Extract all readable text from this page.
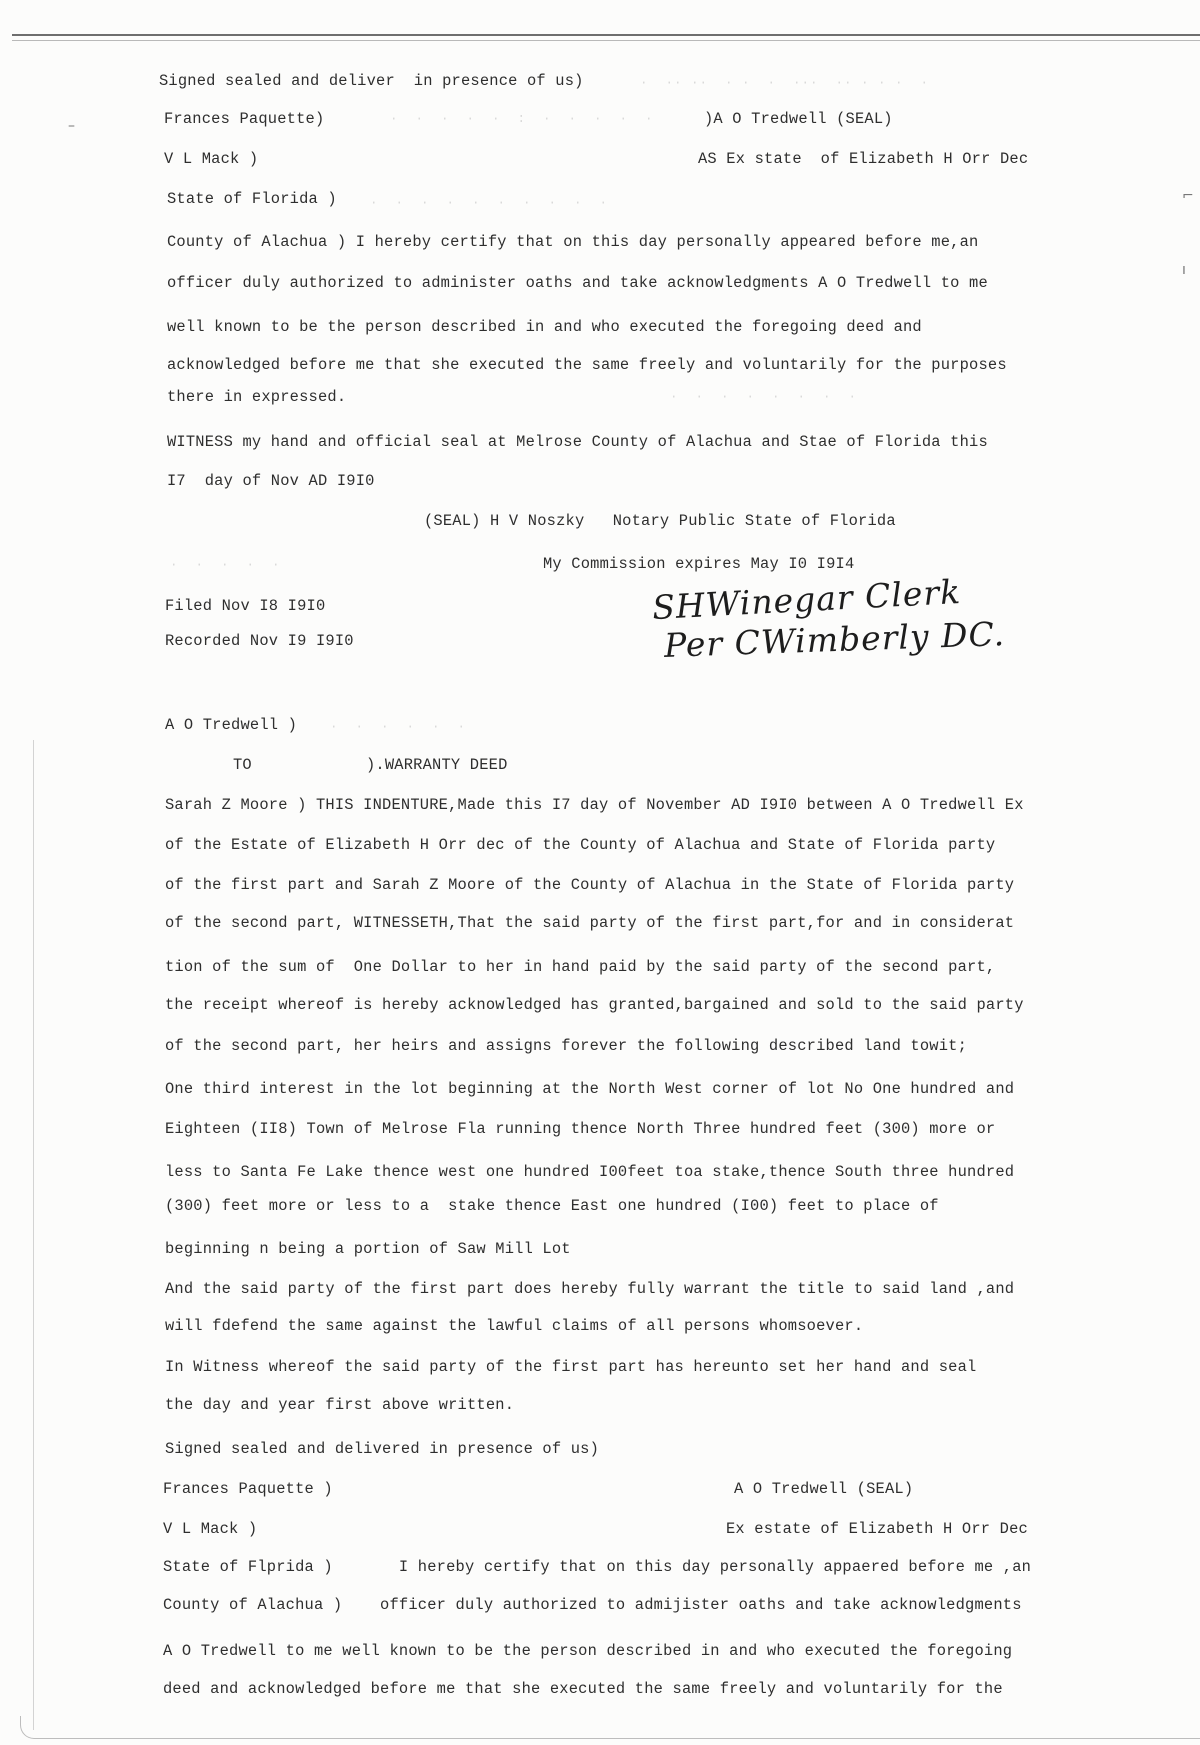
⌐
ı
–
·  ·· ··  · ·  ·  ···  ·· · · ·  ·
·  ·  ·  ·  ·  :  ·  ·  ·  ·  ·
·  ·  ·  ·  ·  ·  ·  ·  ·  ·
·  ·  ·  ·  ·  ·  ·  ·
·  ·  ·  ·  ·
·  ·  ·  ·  ·  ·
Signed sealed and deliver  in presence of us)
Frances Paquette)	)A O Tredwell (SEAL)
V L Mack )	AS Ex state  of Elizabeth H Orr Dec
State of Florida )
County of Alachua ) I hereby certify that on this day personally appeared before me,an
officer duly authorized to administer oaths and take acknowledgments A O Tredwell to me
well known to be the person described in and who executed the foregoing deed and
acknowledged before me that she executed the same freely and voluntarily for the purposes
there in expressed.
WITNESS my hand and official seal at Melrose County of Alachua and Stae of Florida this
I7  day of Nov AD I9I0
(SEAL) H V Noszky   Notary Public State of Florida
My Commission expires May I0 I9I4
Filed Nov I8 I9I0
Recorded Nov I9 I9I0
SHWinegar Clerk
Per CWimberly DC.
A O Tredwell )
TO	).WARRANTY DEED
Sarah Z Moore ) THIS INDENTURE,Made this I7 day of November AD I9I0 between A O Tredwell Ex
of the Estate of Elizabeth H Orr dec of the County of Alachua and State of Florida party
of the first part and Sarah Z Moore of the County of Alachua in the State of Florida party
of the second part, WITNESSETH,That the said party of the first part,for and in considerat
tion of the sum of  One Dollar to her in hand paid by the said party of the second part,
the receipt whereof is hereby acknowledged has granted,bargained and sold to the said party
of the second part, her heirs and assigns forever the following described land towit;
One third interest in the lot beginning at the North West corner of lot No One hundred and
Eighteen (II8) Town of Melrose Fla running thence North Three hundred feet (300) more or
less to Santa Fe Lake thence west one hundred I00feet toa stake,thence South three hundred
(300) feet more or less to a  stake thence East one hundred (I00) feet to place of
beginning n being a portion of Saw Mill Lot
And the said party of the first part does hereby fully warrant the title to said land ,and
will fdefend the same against the lawful claims of all persons whomsoever.
In Witness whereof the said party of the first part has hereunto set her hand and seal
the day and year first above written.
Signed sealed and delivered in presence of us)
Frances Paquette )	A O Tredwell (SEAL)
V L Mack )	Ex estate of Elizabeth H Orr Dec
State of Flprida )       I hereby certify that on this day personally appaered before me ,an
County of Alachua )    officer duly authorized to admijister oaths and take acknowledgments
A O Tredwell to me well known to be the person described in and who executed the foregoing
deed and acknowledged before me that she executed the same freely and voluntarily for the
